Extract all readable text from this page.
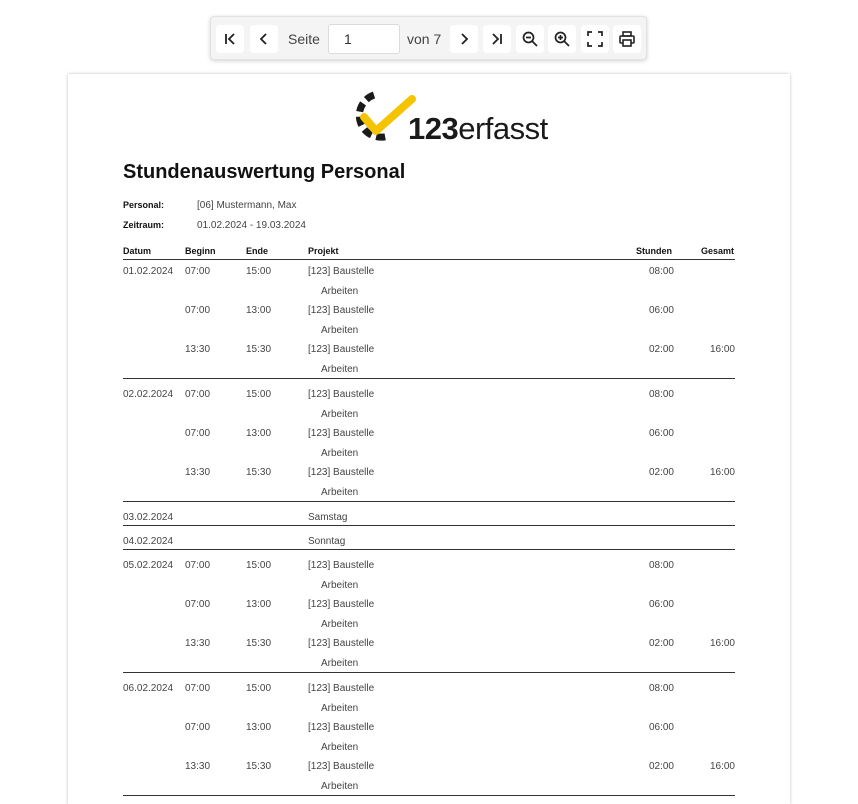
Seite	1	von 7
123erfasst
Stundenauswertung Personal
Personal:	[06] Mustermann, Max
Zeitraum:	01.02.2024 - 19.03.2024
Datum	Beginn	Ende	Projekt	Stunden	Gesamt
01.02.2024 07:00	15:00	[123] Baustelle	08:00
Arbeiten
07:00	13:00	[123] Baustelle	06:00
Arbeiten
13:30	15:30	[123] Baustelle	02:00	16:00
Arbeiten
02.02.2024 07:00	15:00	[123] Baustelle	08:00
Arbeiten
07:00	13:00	[123] Baustelle	06:00
Arbeiten
13:30	15:30	[123] Baustelle	02:00	16:00
Arbeiten
03.02.2024	Samstag
04.02.2024	Sonntag
05.02.2024 07:00	15:00	[123] Baustelle	08:00
Arbeiten
07:00	13:00	[123] Baustelle	06:00
Arbeiten
13:30	15:30	[123] Baustelle	02:00	16:00
Arbeiten
06.02.2024 07:00	15:00	[123] Baustelle	08:00
Arbeiten
07:00	13:00	[123] Baustelle	06:00
Arbeiten
13:30	15:30	[123] Baustelle	02:00	16:00
Arbeiten
